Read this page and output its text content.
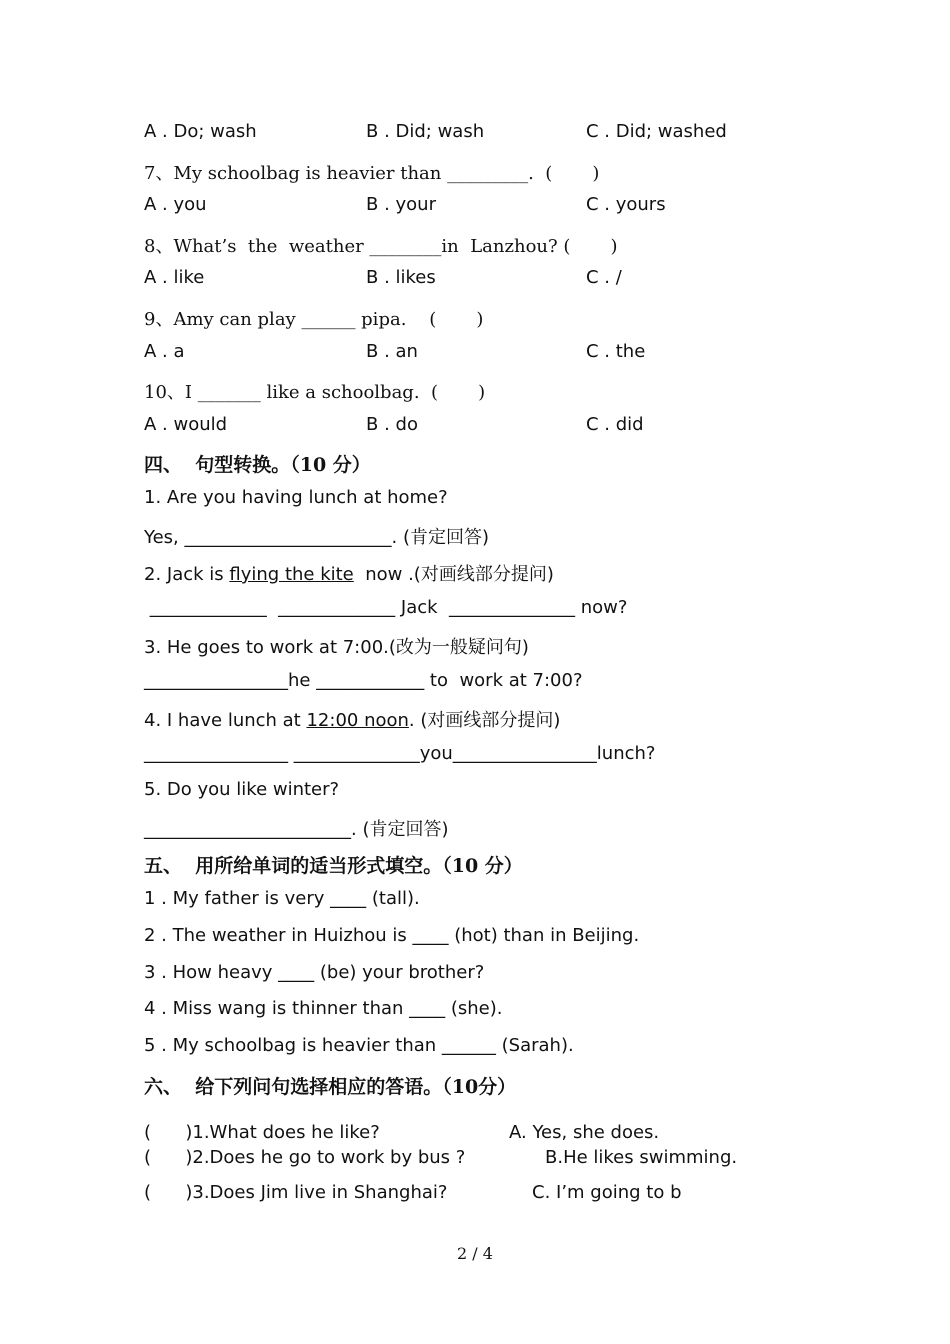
A . Do; wash	B . Did; wash	C . Did; washed
7、My schoolbag is heavier than _________.  (       )
A . you	B . your	C . yours
8、What’s  the  weather ________in  Lanzhou? (       )
A . like	B . likes	C . /
9、Amy can play ______ pipa.    (       )
A . a	B . an	C . the
10、I _______ like a schoolbag.  (       )
A . would	B . do	C . did
四、  句型转换。（10 分）
1. Are you having lunch at home?
Yes, _______________________. (肯定回答)
2. Jack is flying the kite  now .(对画线部分提问)
_____________  _____________ Jack  ______________ now?
3. He goes to work at 7:00.(改为一般疑问句)
________________he ____________ to  work at 7:00?
4. I have lunch at 12:00 noon. (对画线部分提问)
________________ ______________you________________lunch?
5. Do you like winter?
_______________________. (肯定回答)
五、  用所给单词的适当形式填空。（10 分）
1 . My father is very ____ (tall).
2 . The weather in Huizhou is ____ (hot) than in Beijing.
3 . How heavy ____ (be) your brother?
4 . Miss wang is thinner than ____ (she).
5 . My schoolbag is heavier than ______ (Sarah).
六、  给下列问句选择相应的答语。（10分）
(      )1.What does he like?	A. Yes, she does.
(      )2.Does he go to work by bus ?	B.He likes swimming.
(      )3.Does Jim live in Shanghai?	C. I’m going to b
2 / 4
